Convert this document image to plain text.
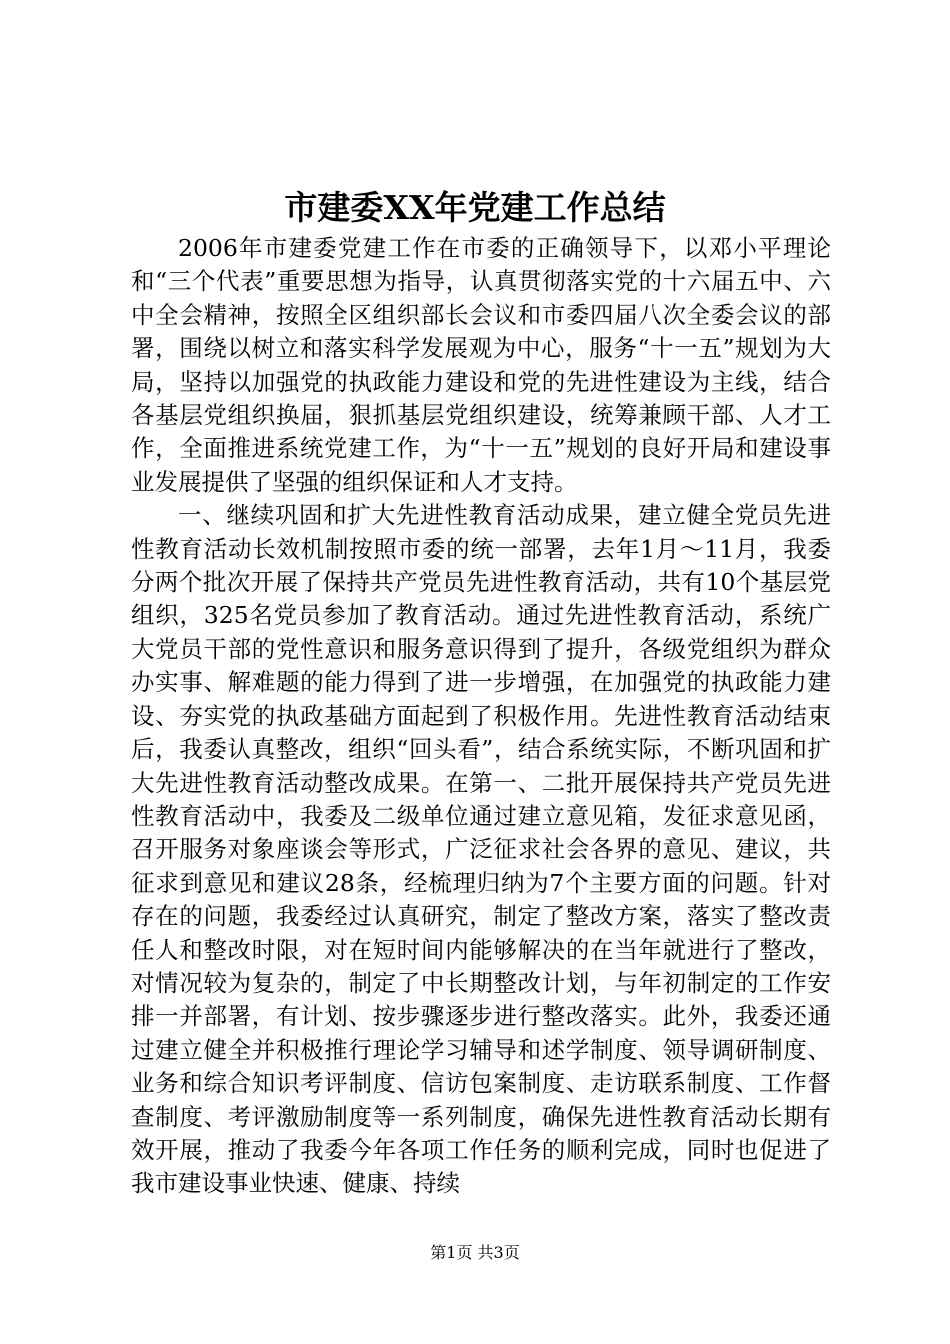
市建委XX年党建工作总结

2006年市建委党建工作在市委的正确领导下，以邓小平理论和“三个代表”重要思想为指导，认真贯彻落实党的十六届五中、六中全会精神，按照全区组织部长会议和市委四届八次全委会议的部署，围绕以树立和落实科学发展观为中心，服务“十一五”规划为大局，坚持以加强党的执政能力建设和党的先进性建设为主线，结合各基层党组织换届，狠抓基层党组织建设，统筹兼顾干部、人才工作，全面推进系统党建工作，为“十一五”规划的良好开局和建设事业发展提供了坚强的组织保证和人才支持。

一、继续巩固和扩大先进性教育活动成果，建立健全党员先进性教育活动长效机制按照市委的统一部署，去年1月～11月，我委分两个批次开展了保持共产党员先进性教育活动，共有10个基层党组织，325名党员参加了教育活动。通过先进性教育活动，系统广大党员干部的党性意识和服务意识得到了提升，各级党组织为群众办实事、解难题的能力得到了进一步增强，在加强党的执政能力建设、夯实党的执政基础方面起到了积极作用。先进性教育活动结束后，我委认真整改，组织“回头看”，结合系统实际，不断巩固和扩大先进性教育活动整改成果。在第一、二批开展保持共产党员先进性教育活动中，我委及二级单位通过建立意见箱，发征求意见函，召开服务对象座谈会等形式，广泛征求社会各界的意见、建议，共征求到意见和建议28条，经梳理归纳为7个主要方面的问题。针对存在的问题，我委经过认真研究，制定了整改方案，落实了整改责任人和整改时限，对在短时间内能够解决的在当年就进行了整改，对情况较为复杂的，制定了中长期整改计划，与年初制定的工作安排一并部署，有计划、按步骤逐步进行整改落实。此外，我委还通过建立健全并积极推行理论学习辅导和述学制度、领导调研制度、业务和综合知识考评制度、信访包案制度、走访联系制度、工作督查制度、考评激励制度等一系列制度，确保先进性教育活动长期有效开展，推动了我委今年各项工作任务的顺利完成，同时也促进了我市建设事业快速、健康、持续

第1页 共3页
